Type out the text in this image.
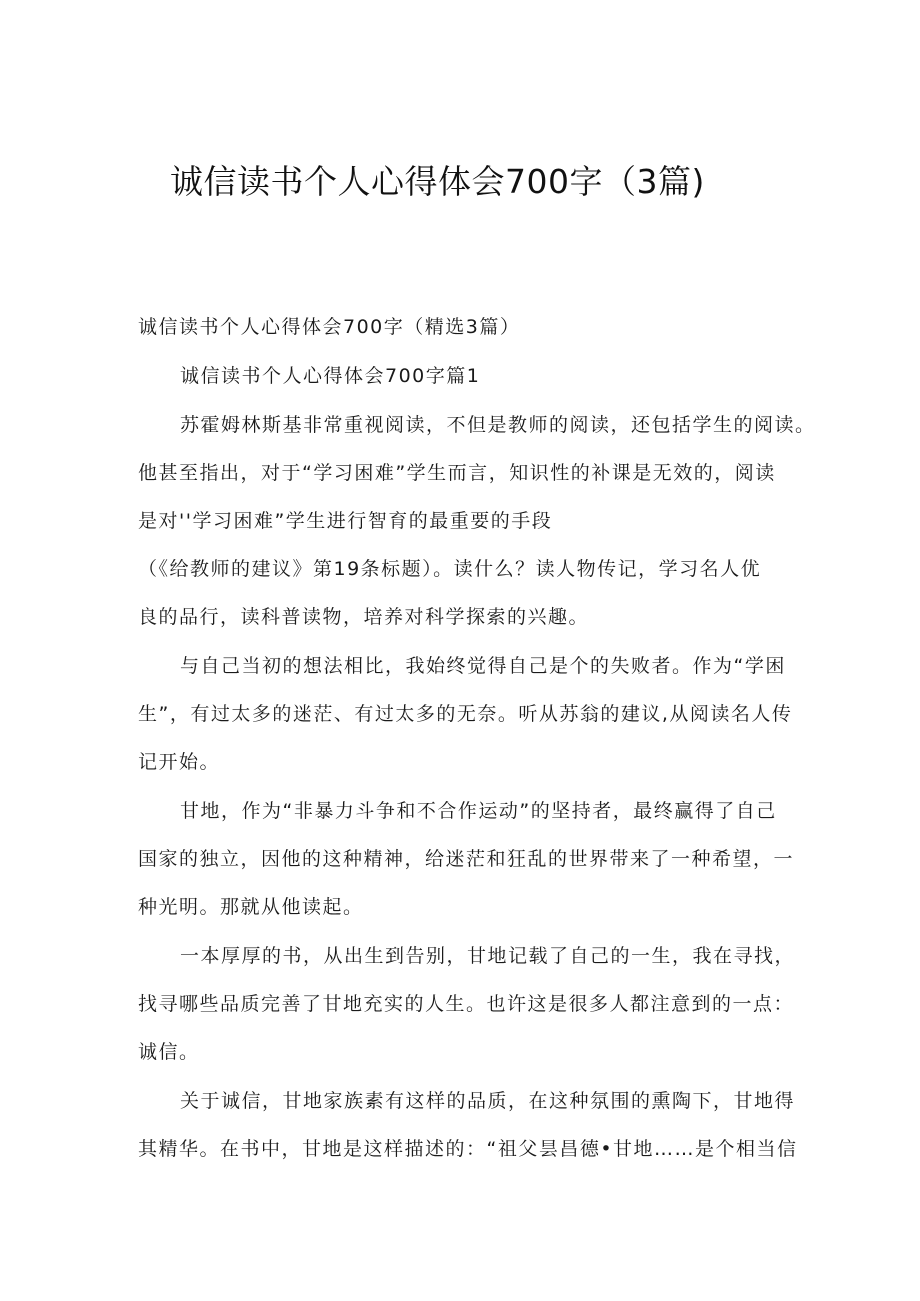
诚信读书个人心得体会700字（3篇)

诚信读书个人心得体会700字（精选3篇）

诚信读书个人心得体会700字篇1

苏霍姆林斯基非常重视阅读，不但是教师的阅读，还包括学生的阅读。

他甚至指出，对于“学习困难”学生而言，知识性的补课是无效的，阅读

是对''学习困难”学生进行智育的最重要的手段

（《给教师的建议》第19条标题）。读什么？读人物传记，学习名人优

良的品行，读科普读物，培养对科学探索的兴趣。

与自己当初的想法相比，我始终觉得自己是个的失败者。作为“学困

生”，有过太多的迷茫、有过太多的无奈。听从苏翁的建议,从阅读名人传

记开始。

甘地，作为“非暴力斗争和不合作运动”的坚持者，最终赢得了自己

国家的独立，因他的这种精神，给迷茫和狂乱的世界带来了一种希望，一

种光明。那就从他读起。

一本厚厚的书，从出生到告别，甘地记载了自己的一生，我在寻找，

找寻哪些品质完善了甘地充实的人生。也许这是很多人都注意到的一点：

诚信。

关于诚信，甘地家族素有这样的品质，在这种氛围的熏陶下，甘地得

其精华。在书中，甘地是这样描述的：“祖父昙昌德•甘地……是个相当信
